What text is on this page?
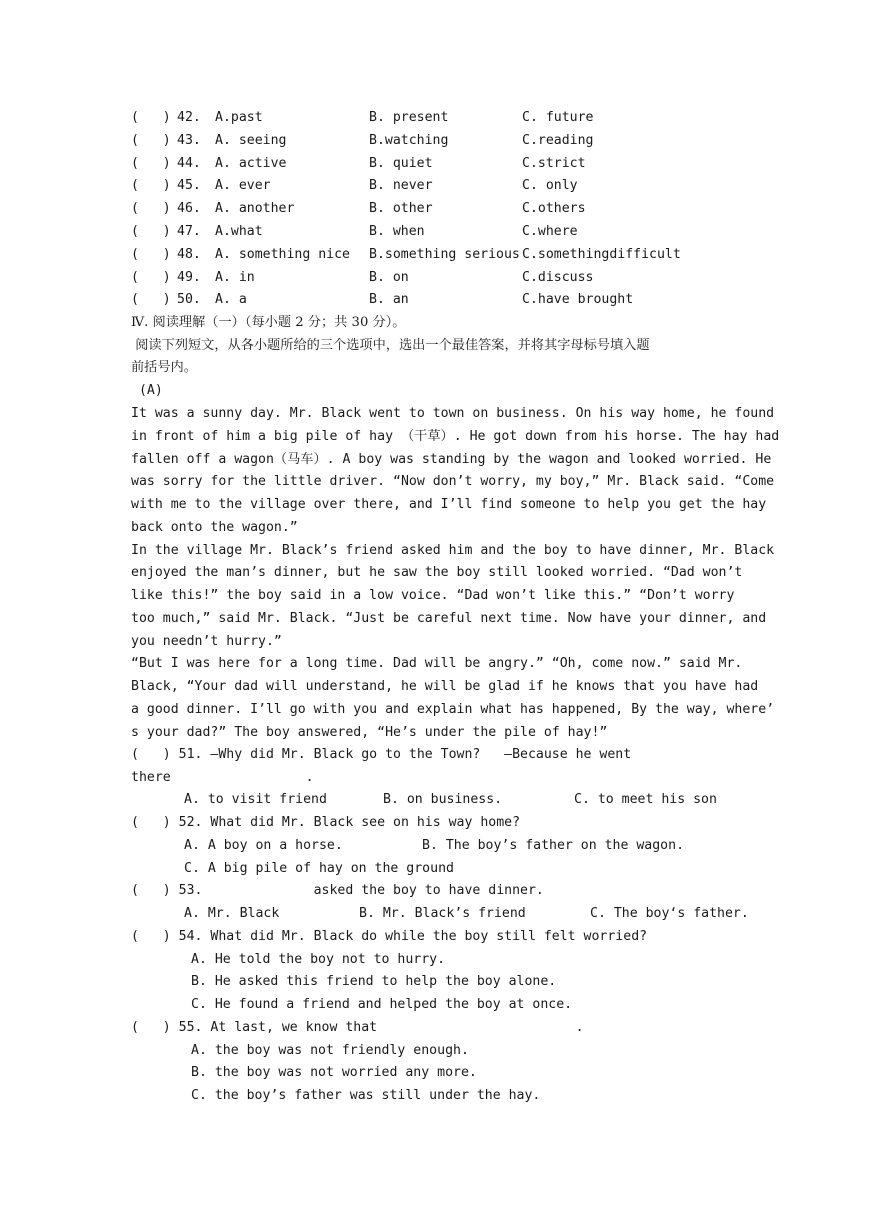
(   ) 42. A.past	B. present	C. future
(   ) 43. A. seeing	B.watching	C.reading
(   ) 44. A. active	B. quiet	C.strict
(   ) 45. A. ever	B. never	C. only
(   ) 46. A. another	B. other	C.others
(   ) 47. A.what	B. when	C.where
(   ) 48. A. something nice B.something serious C.somethingdifficult
(   ) 49. A. in	B. on	C.discuss
(   ) 50. A. a	B. an	C.have brought
Ⅳ. 阅读理解（一）（每小题 2 分；共 30 分）。
阅读下列短文，从各小题所给的三个选项中，选出一个最佳答案，并将其字母标号填入题
前括号内。
(A)
It was a sunny day. Mr. Black went to town on business. On his way home, he found
in front of him a big pile of hay （干草）. He got down from his horse. The hay had
fallen off a wagon（马车）. A boy was standing by the wagon and looked worried. He
was sorry for the little driver. “Now don’t worry, my boy,” Mr. Black said. “Come
with me to the village over there, and I’ll find someone to help you get the hay
back onto the wagon.”
In the village Mr. Black’s friend asked him and the boy to have dinner, Mr. Black
enjoyed the man’s dinner, but he saw the boy still looked worried. “Dad won’t
like this!” the boy said in a low voice. “Dad won’t like this.” “Don’t worry
too much,” said Mr. Black. “Just be careful next time. Now have your dinner, and
you needn’t hurry.”
“But I was here for a long time. Dad will be angry.” “Oh, come now.” said Mr.
Black, “Your dad will understand, he will be glad if he knows that you have had
a good dinner. I’ll go with you and explain what has happened, By the way, where’
s your dad?” The boy answered, “He’s under the pile of hay!”
(   ) 51. —Why did Mr. Black go to the Town?   —Because he went
there                 .
A. to visit friend	B. on business.	C. to meet his son
(   ) 52. What did Mr. Black see on his way home?
A. A boy on a horse.	B. The boy’s father on the wagon.
C. A big pile of hay on the ground
(   ) 53.              asked the boy to have dinner.
A. Mr. Black	B. Mr. Black’s friend	C. The boy‘s father.
(   ) 54. What did Mr. Black do while the boy still felt worried?
A. He told the boy not to hurry.
B. He asked this friend to help the boy alone.
C. He found a friend and helped the boy at once.
(   ) 55. At last, we know that                         .
A. the boy was not friendly enough.
B. the boy was not worried any more.
C. the boy’s father was still under the hay.
